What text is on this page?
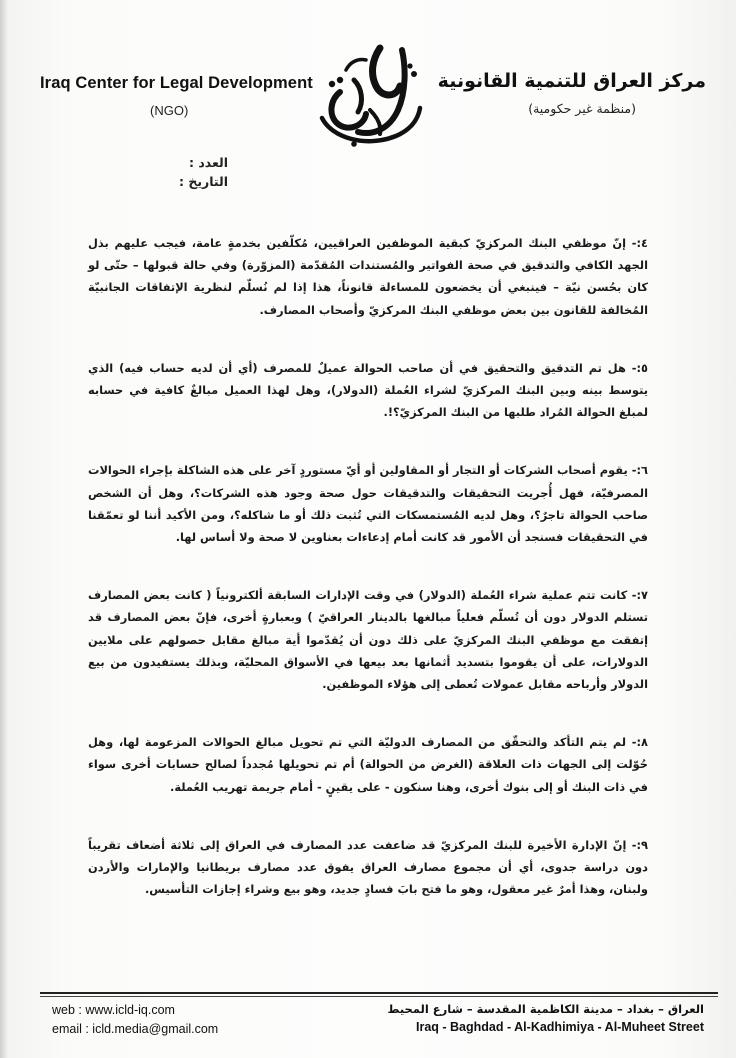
Iraq Center for Legal Development
(NGO)
مركز العراق للتنمية القانونية
(منظمة غير حكومية)
العدد :
التاريخ :

٤:- إنّ موظفي البنك المركزيّ كبقية الموظفين العراقيين، مُكلّفين بخدمةٍ عامة، فيجب عليهم بذل الجهد الكافي والتدقيق في صحة الفواتير والمُستندات المُقدّمة (المزوّرة) وفي حالة قبولها – حتّى لو كان بحُسن نيّة – فينبغي أن يخضعون للمساءلة قانوناً، هذا إذا لم نُسلّم لنظرية الإتفاقات الجانبيّة المُخالفة للقانون بين بعض موظفي البنك المركزيّ وأصحاب المصارف.

٥:- هل تم التدقيق والتحقيق في أن صاحب الحوالة عميلٌ للمصرف (أي أن لديه حساب فيه) الذي يتوسط بينه وبين البنك المركزيّ لشراء العُملة (الدولار)، وهل لهذا العميل مبالغٌ كافية في حسابه لمبلغ الحوالة المُراد طلبها من البنك المركزيّ؟!.

٦:- يقوم أصحاب الشركات أو التجار أو المقاولين أو أيّ مستوردٍ آخر على هذه الشاكلة بإجراء الحوالات المصرفيّة، فهل أُجريت التحقيقات والتدقيقات حول صحة وجود هذه الشركات؟، وهل أن الشخص صاحب الحوالة تاجرٌ؟، وهل لديه المُستمسكات التي تُثبت ذلك أو ما شاكله؟، ومن الأكيد أننا لو تعمّقنا في التحقيقات فسنجد أن الأمور قد كانت أمام إدعاءات بعناوين لا صحة ولا أساس لها.

٧:- كانت تتم عملية شراء العُملة (الدولار) في وقت الإدارات السابقة ألكترونياً ( كانت بعض المصارف تستلم الدولار دون أن تُسلّم فعلياً مبالغها بالدينار العراقيّ ) وبعبارةٍ أخرى، فإنّ بعض المصارف قد إتفقت مع موظفي البنك المركزيّ على ذلك دون أن يُقدّموا أية مبالغ مقابل حصولهم على ملايين الدولارات، على أن يقوموا بتسديد أثمانها بعد بيعها في الأسواق المحليّة، وبذلك يستفيدون من بيع الدولار وأرباحه مقابل عمولات تُعطى إلى هؤلاء الموظفين.

٨:- لم يتم التأكد والتحقّق من المصارف الدوليّة التي تم تحويل مبالغ الحوالات المزعومة لها، وهل حُوّلت إلى الجهات ذات العلاقة (الغرض من الحوالة) أم تم تحويلها مُجدداً لصالح حسابات أخرى سواء في ذات البنك أو إلى بنوك أخرى، وهنا سنكون - على يقينٍ - أمام جريمة تهريب العُملة.

٩:- إنّ الإدارة الأخيرة للبنك المركزيّ قد ضاعفت عدد المصارف في العراق إلى ثلاثة أضعاف تقريباً دون دراسة جدوى، أي أن مجموع مصارف العراق يفوق عدد مصارف بريطانيا والإمارات والأردن ولبنان، وهذا أمرٌ غير معقول، وهو ما فتح بابَ فسادٍ جديد، وهو بيع وشراء إجازات التأسيس.

web : www.icld-iq.com
email : icld.media@gmail.com
العراق – بغداد – مدينة الكاظمية المقدسة – شارع المحيط
Iraq - Baghdad - Al-Kadhimiya - Al-Muheet Street
